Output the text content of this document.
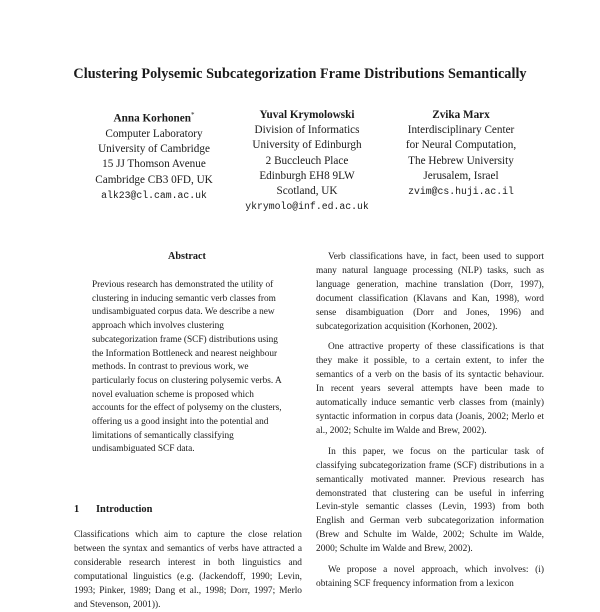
Clustering Polysemic Subcategorization Frame Distributions Semantically
Anna Korhonen*
Computer Laboratory
University of Cambridge
15 JJ Thomson Avenue
Cambridge CB3 0FD, UK
alk23@cl.cam.ac.uk
Yuval Krymolowski
Division of Informatics
University of Edinburgh
2 Buccleuch Place
Edinburgh EH8 9LW
Scotland, UK
ykrymolo@inf.ed.ac.uk
Zvika Marx
Interdisciplinary Center
for Neural Computation,
The Hebrew University
Jerusalem, Israel
zvim@cs.huji.ac.il
Abstract
Previous research has demonstrated the utility of clustering in inducing semantic verb classes from undisambiguated corpus data. We describe a new approach which involves clustering subcategorization frame (SCF) distributions using the Information Bottleneck and nearest neighbour methods. In contrast to previous work, we particularly focus on clustering polysemic verbs. A novel evaluation scheme is proposed which accounts for the effect of polysemy on the clusters, offering us a good insight into the potential and limitations of semantically classifying undisambiguated SCF data.
1 Introduction
Classifications which aim to capture the close relation between the syntax and semantics of verbs have attracted a considerable research interest in both linguistics and computational linguistics (e.g. (Jackendoff, 1990; Levin, 1993; Pinker, 1989; Dang et al., 1998; Dorr, 1997; Merlo and Stevenson, 2001)).

Verb classifications have, in fact, been used to support many natural language processing (NLP) tasks, such as language generation, machine translation (Dorr, 1997), document classification (Klavans and Kan, 1998), word sense disambiguation (Dorr and Jones, 1996) and subcategorization acquisition (Korhonen, 2002).

One attractive property of these classifications is that they make it possible, to a certain extent, to infer the semantics of a verb on the basis of its syntactic behaviour. In recent years several attempts have been made to automatically induce semantic verb classes from (mainly) syntactic information in corpus data (Joanis, 2002; Merlo et al., 2002; Schulte im Walde and Brew, 2002).

In this paper, we focus on the particular task of classifying subcategorization frame (SCF) distributions in a semantically motivated manner. Previous research has demonstrated that clustering can be useful in inferring Levin-style semantic classes (Levin, 1993) from both English and German verb subcategorization information (Brew and Schulte im Walde, 2002; Schulte im Walde, 2000; Schulte im Walde and Brew, 2002).

We propose a novel approach, which involves: (i) obtaining SCF frequency information from a lexicon
